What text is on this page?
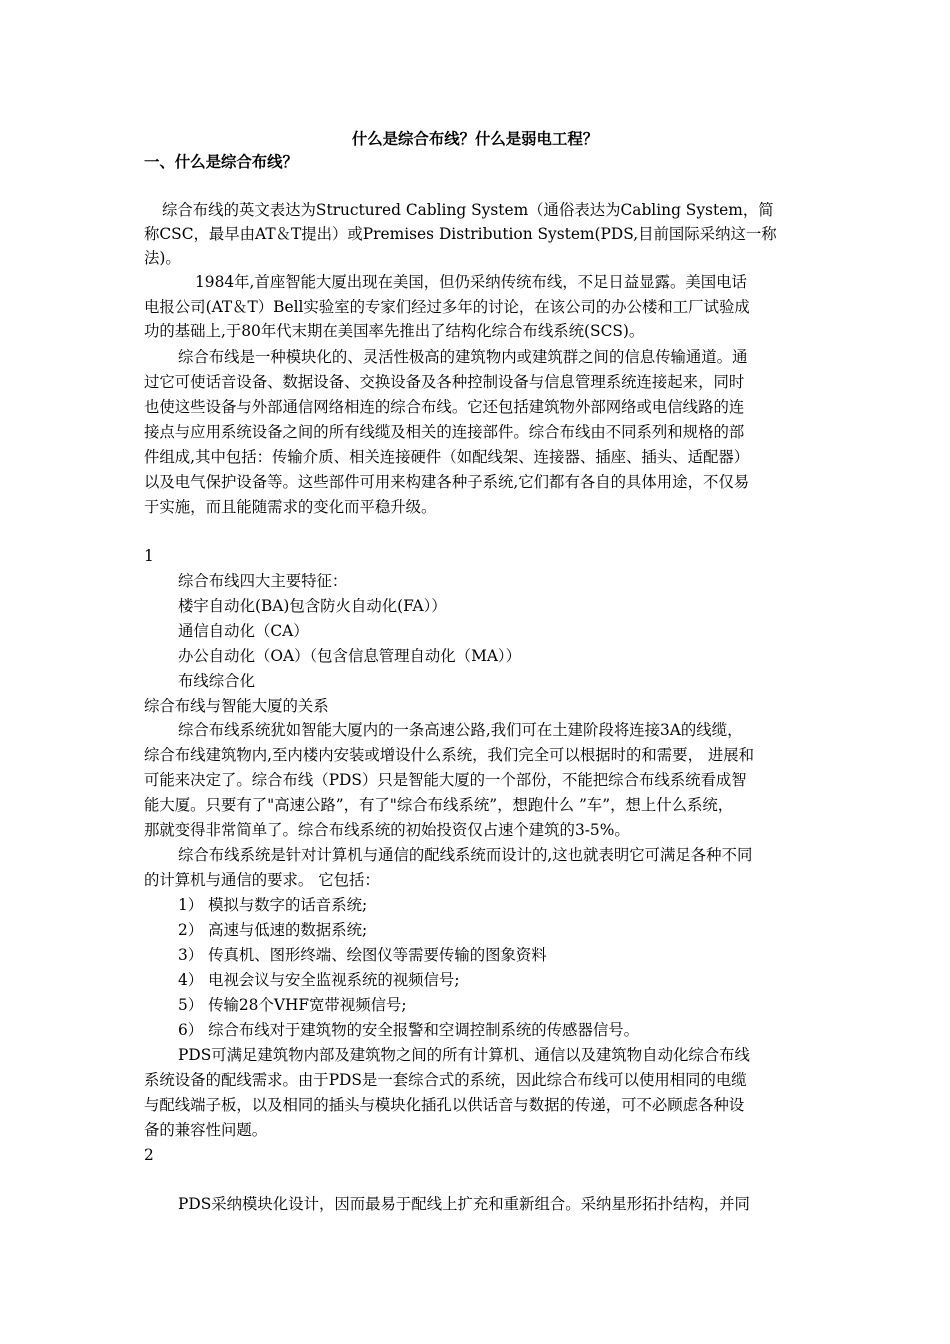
什么是综合布线？什么是弱电工程？
一、什么是综合布线？
综合布线的英文表达为Structured Cabling System（通俗表达为Cabling System，简
称CSC，最早由AT＆T提出）或Premises Distribution System(PDS,目前国际采纳这一称
法)。
1984年,首座智能大厦出现在美国，但仍采纳传统布线，不足日益显露。美国电话
电报公司(AT＆T）Bell实验室的专家们经过多年的讨论，在该公司的办公楼和工厂试验成
功的基础上,于80年代末期在美国率先推出了结构化综合布线系统(SCS)。
综合布线是一种模块化的、灵活性极高的建筑物内或建筑群之间的信息传输通道。通
过它可使话音设备、数据设备、交换设备及各种控制设备与信息管理系统连接起来，同时
也使这些设备与外部通信网络相连的综合布线。它还包括建筑物外部网络或电信线路的连
接点与应用系统设备之间的所有线缆及相关的连接部件。综合布线由不同系列和规格的部
件组成,其中包括：传输介质、相关连接硬件（如配线架、连接器、插座、插头、适配器）
以及电气保护设备等。这些部件可用来构建各种子系统,它们都有各自的具体用途，不仅易
于实施，而且能随需求的变化而平稳升级。
1
综合布线四大主要特征：
楼宇自动化(BA)包含防火自动化(FA））
通信自动化（CA）
办公自动化（OA）（包含信息管理自动化（MA））
布线综合化
综合布线与智能大厦的关系
综合布线系统犹如智能大厦内的一条高速公路,我们可在土建阶段将连接3A的线缆，
综合布线建筑物内,至内楼内安装或增设什么系统，我们完全可以根据时的和需要， 进展和
可能来决定了。综合布线（PDS）只是智能大厦的一个部份，不能把综合布线系统看成智
能大厦。只要有了"高速公路”，有了"综合布线系统”，想跑什么 ”车”，想上什么系统，
那就变得非常简单了。综合布线系统的初始投资仅占速个建筑的3-5%。
综合布线系统是针对计算机与通信的配线系统而设计的,这也就表明它可满足各种不同
的计算机与通信的要求。 它包括：
1） 模拟与数字的话音系统;
2） 高速与低速的数据系统;
3） 传真机、图形终端、绘图仪等需要传输的图象资料
4） 电视会议与安全监视系统的视频信号;
5） 传输28个VHF宽带视频信号;
6） 综合布线对于建筑物的安全报警和空调控制系统的传感器信号。
PDS可满足建筑物内部及建筑物之间的所有计算机、通信以及建筑物自动化综合布线
系统设备的配线需求。由于PDS是一套综合式的系统，因此综合布线可以使用相同的电缆
与配线端子板，以及相同的插头与模块化插孔以供话音与数据的传递，可不必顾虑各种设
备的兼容性问题。
2
PDS采纳模块化设计，因而最易于配线上扩充和重新组合。采纳星形拓扑结构，并同
